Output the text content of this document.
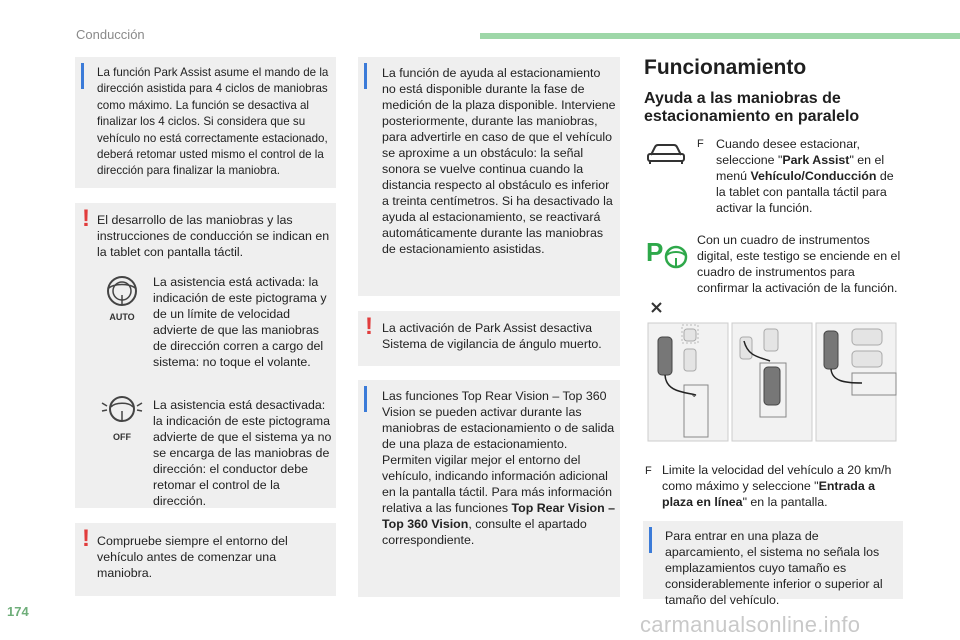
Conducción

La función Park Assist asume el mando de la dirección asistida para 4 ciclos de maniobras como máximo. La función se desactiva al finalizar los 4 ciclos. Si considera que su vehículo no está correctamente estacionado, deberá retomar usted mismo el control de la dirección para finalizar la maniobra.

! El desarrollo de las maniobras y las instrucciones de conducción se indican en la tablet con pantalla táctil.

AUTO

La asistencia está activada: la indicación de este pictograma y de un límite de velocidad advierte de que las maniobras de dirección corren a cargo del sistema: no toque el volante.

OFF

La asistencia está desactivada: la indicación de este pictograma advierte de que el sistema ya no se encarga de las maniobras de dirección: el conductor debe retomar el control de la dirección.

! Compruebe siempre el entorno del vehículo antes de comenzar una maniobra.

La función de ayuda al estacionamiento no está disponible durante la fase de medición de la plaza disponible. Interviene posteriormente, durante las maniobras, para advertirle en caso de que el vehículo se aproxime a un obstáculo: la señal sonora se vuelve continua cuando la distancia respecto al obstáculo es inferior a treinta centímetros. Si ha desactivado la ayuda al estacionamiento, se reactivará automáticamente durante las maniobras de estacionamiento asistidas.

! La activación de Park Assist desactiva Sistema de vigilancia de ángulo muerto.

Las funciones Top Rear Vision – Top 360 Vision se pueden activar durante las maniobras de estacionamiento o de salida de una plaza de estacionamiento. Permiten vigilar mejor el entorno del vehículo, indicando información adicional en la pantalla táctil. Para más información relativa a las funciones Top Rear Vision – Top 360 Vision, consulte el apartado correspondiente.

Funcionamiento
Ayuda a las maniobras de estacionamiento en paralelo
F Cuando desee estacionar, seleccione "Park Assist" en el menú Vehículo/Conducción de la tablet con pantalla táctil para activar la función.

P	Con un cuadro de instrumentos digital, este testigo se enciende en el cuadro de instrumentos para confirmar la activación de la función.

⌄
F Limite la velocidad del vehículo a 20 km/h como máximo y seleccione "Entrada a plaza en línea" en la pantalla.

Para entrar en una plaza de aparcamiento, el sistema no señala los emplazamientos cuyo tamaño es considerablemente inferior o superior al tamaño del vehículo.

174
carmanualsonline.info
